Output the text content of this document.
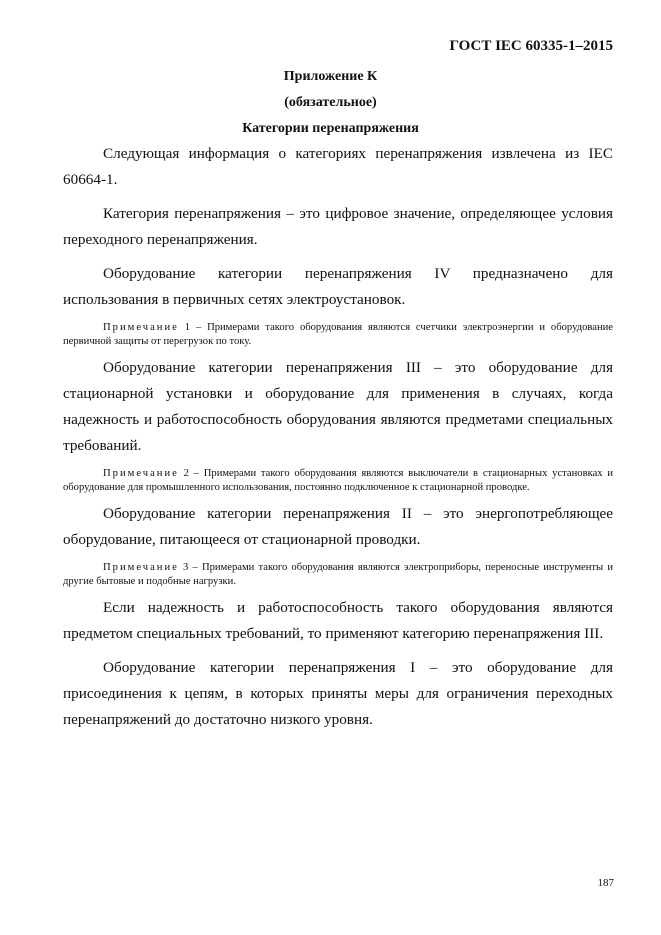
ГОСТ IEC 60335-1–2015
Приложение К
(обязательное)
Категории перенапряжения

Следующая информация о категориях перенапряжения извлечена из IEC 60664-1.

Категория перенапряжения – это цифровое значение, определяющее условия переходного перенапряжения.

Оборудование категории перенапряжения IV предназначено для использования в первичных сетях электроустановок.

Примечание 1 – Примерами такого оборудования являются счетчики электроэнергии и оборудование первичной защиты от перегрузок по току.

Оборудование категории перенапряжения III – это оборудование для стационарной установки и оборудование для применения в случаях, когда надежность и работоспособность оборудования являются предметами специальных требований.

Примечание 2 – Примерами такого оборудования являются выключатели в стационарных установках и оборудование для промышленного использования, постоянно подключенное к стационарной проводке.

Оборудование категории перенапряжения II – это энергопотребляющее оборудование, питающееся от стационарной проводки.

Примечание 3 – Примерами такого оборудования являются электроприборы, переносные инструменты и другие бытовые и подобные нагрузки.

Если надежность и работоспособность такого оборудования являются предметом специальных требований, то применяют категорию перенапряжения III.

Оборудование категории перенапряжения I – это оборудование для присоединения к цепям, в которых приняты меры для ограничения переходных перенапряжений до достаточно низкого уровня.

187
